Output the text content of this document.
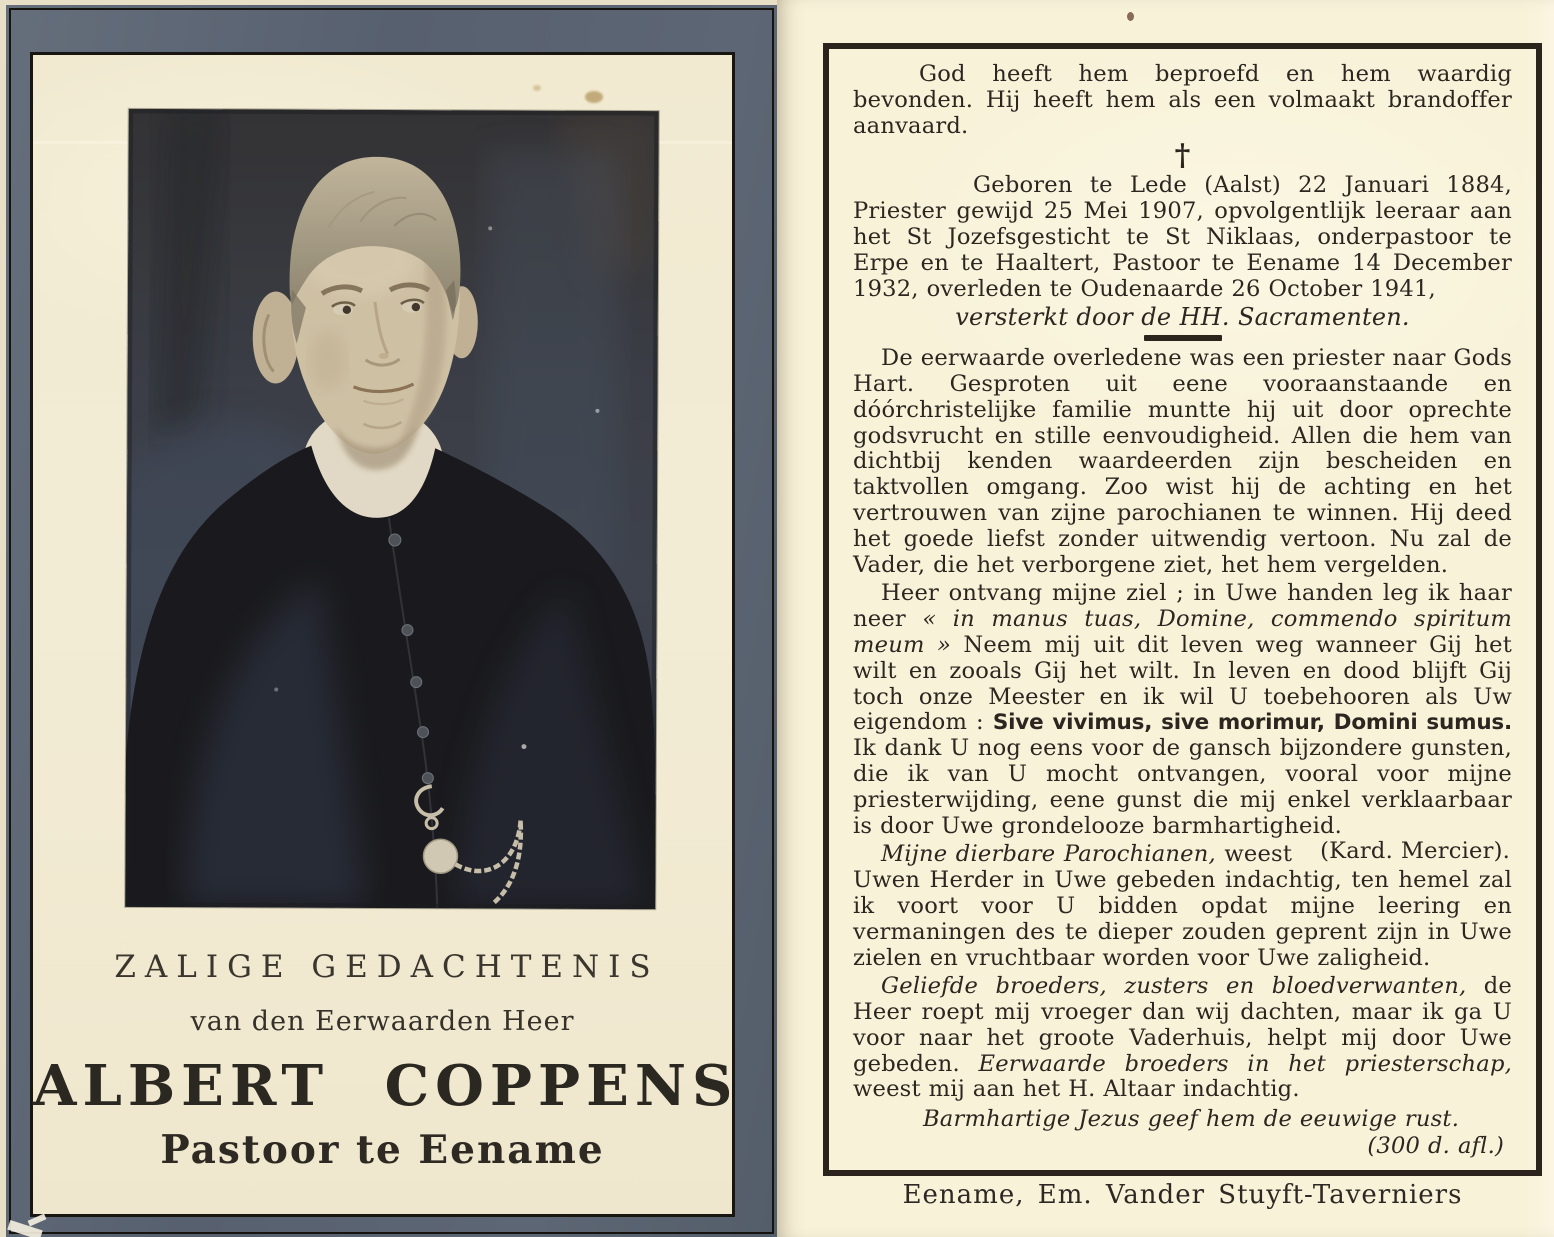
ZALIGE GEDACHTENIS
van den Eerwaarden Heer
ALBERT COPPENS
Pastoor te Eename

God heeft hem beproefd en hem waardig bevonden. Hij heeft hem als een volmaakt brandoffer aanvaard.

†

Geboren te Lede (Aalst) 22 Januari 1884, Priester gewijd 25 Mei 1907, opvolgentlijk leeraar aan het St Jozefsgesticht te St Niklaas, onderpastoor te Erpe en te Haaltert, Pastoor te Eename 14 December 1932, overleden te Oudenaarde 26 October 1941,

versterkt door de HH. Sacramenten.

De eerwaarde overledene was een priester naar Gods Hart. Gesproten uit eene vooraanstaande en dóórchristelijke familie muntte hij uit door oprechte godsvrucht en stille eenvoudigheid. Allen die hem van dichtbij kenden waardeerden zijn bescheiden en taktvollen omgang. Zoo wist hij de achting en het vertrouwen van zijne parochianen te winnen. Hij deed het goede liefst zonder uitwendig vertoon. Nu zal de Vader, die het verborgene ziet, het hem vergelden.

Heer ontvang mijne ziel ; in Uwe handen leg ik haar neer « in manus tuas, Domine, commendo spiritum meum » Neem mij uit dit leven weg wanneer Gij het wilt en zooals Gij het wilt. In leven en dood blijft Gij toch onze Meester en ik wil U toebehooren als Uw eigendom : Sive vivimus, sive morimur, Domini sumus. Ik dank U nog eens voor de gansch bijzondere gunsten, die ik van U mocht ontvangen, vooral voor mijne priesterwijding, eene gunst die mij enkel verklaarbaar is door Uwe grondelooze barmhartigheid.
(Kard. Mercier).

Mijne dierbare Parochianen, weest Uwen Herder in Uwe gebeden indachtig, ten hemel zal ik voort voor U bidden opdat mijne leering en vermaningen des te dieper zouden geprent zijn in Uwe zielen en vruchtbaar worden voor Uwe zaligheid.

Geliefde broeders, zusters en bloedverwanten, de Heer roept mij vroeger dan wij dachten, maar ik ga U voor naar het groote Vaderhuis, helpt mij door Uwe gebeden. Eerwaarde broeders in het priesterschap, weest mij aan het H. Altaar indachtig.

Barmhartige Jezus geef hem de eeuwige rust.

(300 d. afl.)

Eename, Em. Vander Stuyft-Taverniers
